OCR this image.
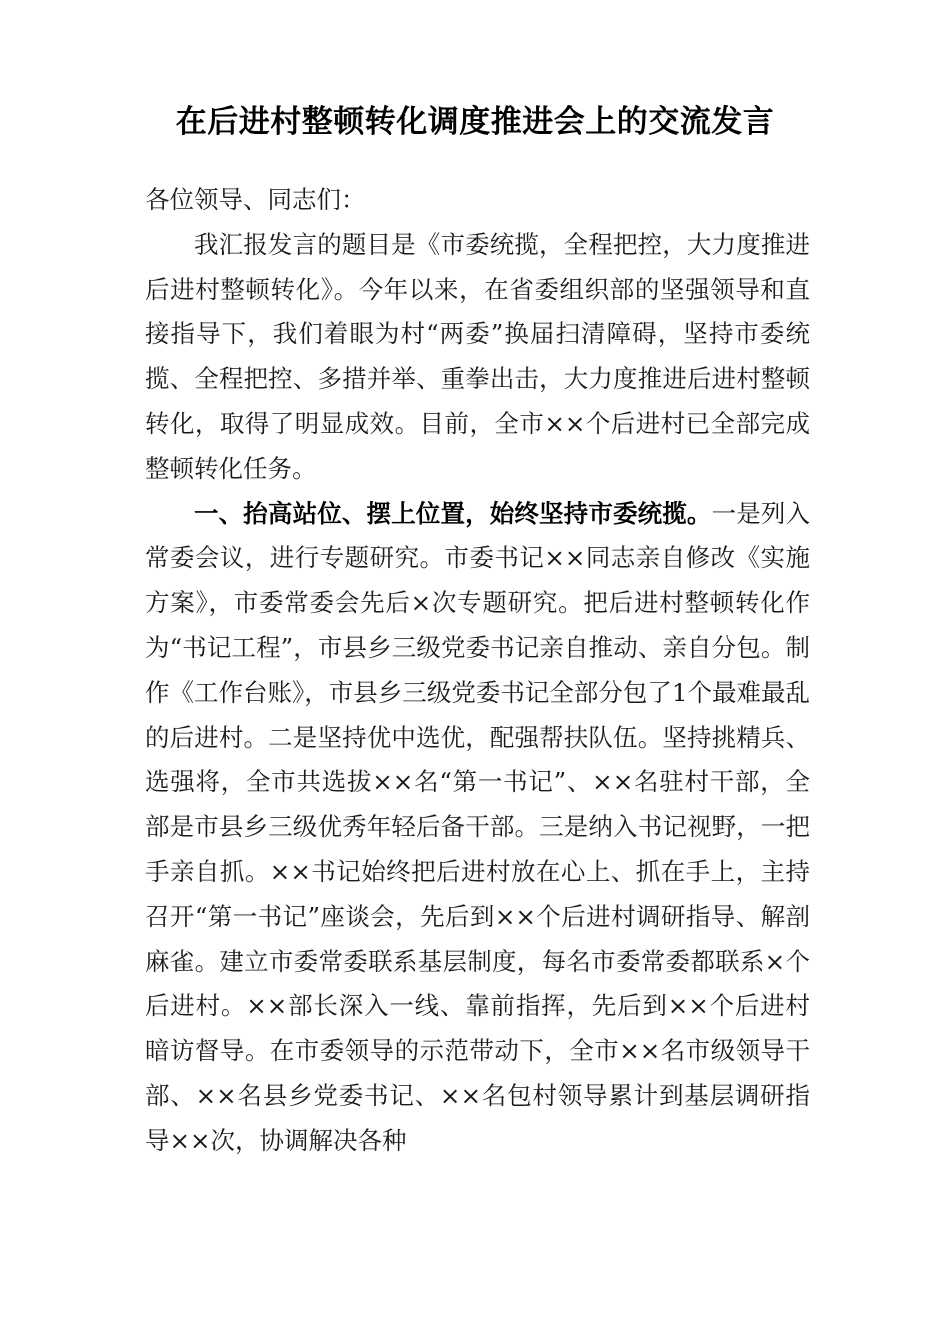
在后进村整顿转化调度推进会上的交流发言

各位领导、同志们：

我汇报发言的题目是《市委统揽，全程把控，大力度推进后进村整顿转化》。今年以来，在省委组织部的坚强领导和直接指导下，我们着眼为村“两委”换届扫清障碍，坚持市委统揽、全程把控、多措并举、重拳出击，大力度推进后进村整顿转化，取得了明显成效。目前，全市××个后进村已全部完成整顿转化任务。

一、抬高站位、摆上位置，始终坚持市委统揽。一是列入常委会议，进行专题研究。市委书记××同志亲自修改《实施方案》，市委常委会先后×次专题研究。把后进村整顿转化作为“书记工程”，市县乡三级党委书记亲自推动、亲自分包。制作《工作台账》，市县乡三级党委书记全部分包了1个最难最乱的后进村。二是坚持优中选优，配强帮扶队伍。坚持挑精兵、选强将，全市共选拔××名“第一书记”、××名驻村干部，全部是市县乡三级优秀年轻后备干部。三是纳入书记视野，一把手亲自抓。××书记始终把后进村放在心上、抓在手上，主持召开“第一书记”座谈会，先后到××个后进村调研指导、解剖麻雀。建立市委常委联系基层制度，每名市委常委都联系×个后进村。××部长深入一线、靠前指挥，先后到××个后进村暗访督导。在市委领导的示范带动下，全市××名市级领导干部、××名县乡党委书记、××名包村领导累计到基层调研指导××次，协调解决各种
